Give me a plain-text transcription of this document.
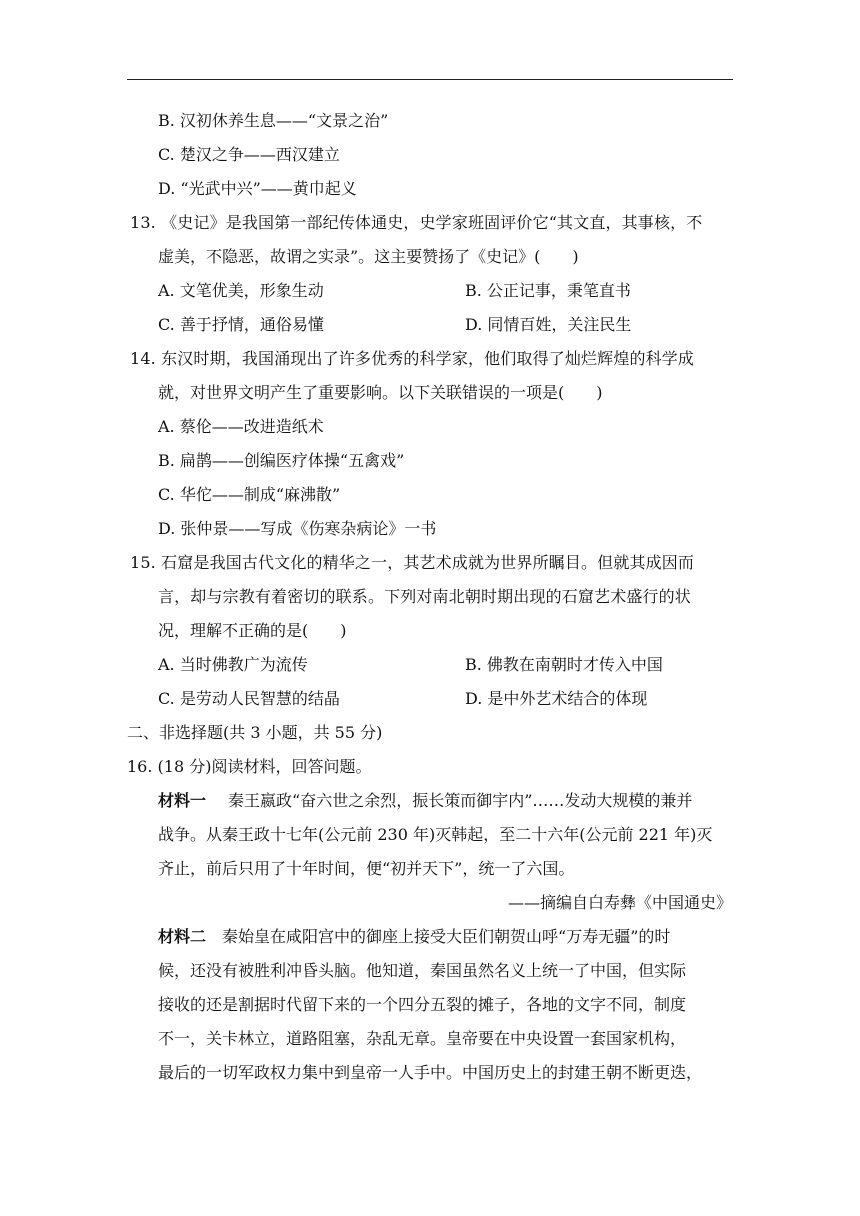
B. 汉初休养生息——“文景之治”
C. 楚汉之争——西汉建立
D. “光武中兴”——黄巾起义
13. 《史记》是我国第一部纪传体通史，史学家班固评价它“其文直，其事核，不
虚美，不隐恶，故谓之实录”。这主要赞扬了《史记》(　　)
A. 文笔优美，形象生动	B. 公正记事，秉笔直书
C. 善于抒情，通俗易懂	D. 同情百姓，关注民生
14. 东汉时期，我国涌现出了许多优秀的科学家，他们取得了灿烂辉煌的科学成
就，对世界文明产生了重要影响。以下关联错误的一项是(　　)
A. 蔡伦——改进造纸术
B. 扁鹊——创编医疗体操“五禽戏”
C. 华佗——制成“麻沸散”
D. 张仲景——写成《伤寒杂病论》一书
15. 石窟是我国古代文化的精华之一，其艺术成就为世界所瞩目。但就其成因而
言，却与宗教有着密切的联系。下列对南北朝时期出现的石窟艺术盛行的状
况，理解不正确的是(　　)
A. 当时佛教广为流传	B. 佛教在南朝时才传入中国
C. 是劳动人民智慧的结晶	D. 是中外艺术结合的体现
二、非选择题(共 3 小题，共 55 分)
16. (18 分)阅读材料，回答问题。
材料一 秦王嬴政“奋六世之余烈，振长策而御宇内”……发动大规模的兼并
战争。从秦王政十七年(公元前 230 年)灭韩起，至二十六年(公元前 221 年)灭
齐止，前后只用了十年时间，便“初并天下”，统一了六国。
——摘编自白寿彝《中国通史》
材料二 秦始皇在咸阳宫中的御座上接受大臣们朝贺山呼“万寿无疆”的时
候，还没有被胜利冲昏头脑。他知道，秦国虽然名义上统一了中国，但实际
接收的还是割据时代留下来的一个四分五裂的摊子，各地的文字不同，制度
不一，关卡林立，道路阻塞，杂乱无章。皇帝要在中央设置一套国家机构，
最后的一切军政权力集中到皇帝一人手中。中国历史上的封建王朝不断更迭，
